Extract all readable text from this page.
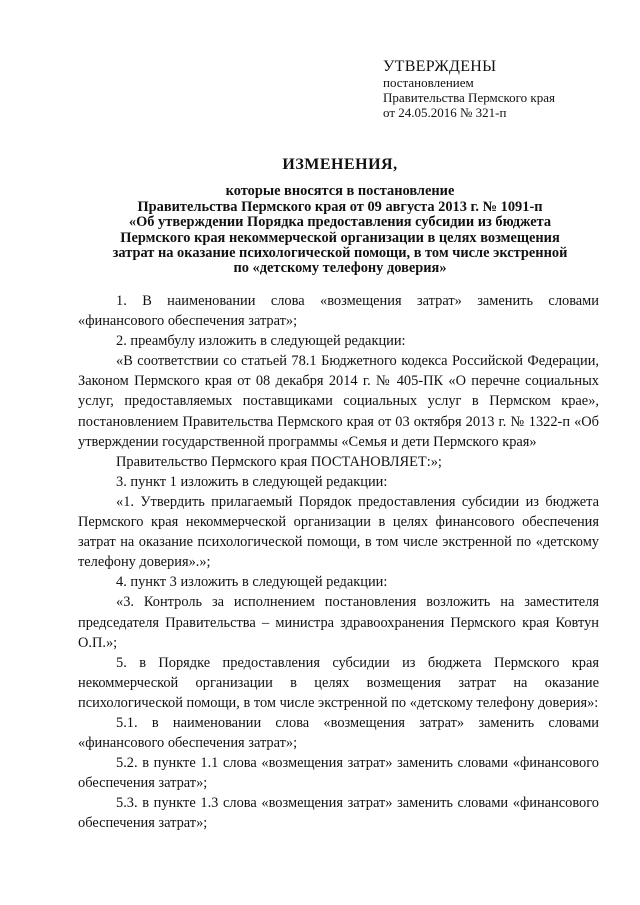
УТВЕРЖДЕНЫ
постановлением
Правительства Пермского края
от 24.05.2016 № 321-п
ИЗМЕНЕНИЯ,
которые вносятся в постановление
Правительства Пермского края от 09 августа 2013 г. № 1091-п
«Об утверждении Порядка предоставления субсидии из бюджета
Пермского края некоммерческой организации в целях возмещения
затрат на оказание психологической помощи, в том числе экстренной
по «детскому телефону доверия»

1. В наименовании слова «возмещения затрат» заменить словами «финансового обеспечения затрат»;

2. преамбулу изложить в следующей редакции:

«В соответствии со статьей 78.1 Бюджетного кодекса Российской Федерации, Законом Пермского края от 08 декабря 2014 г. № 405-ПК «О перечне социальных услуг, предоставляемых поставщиками социальных услуг в Пермском крае», постановлением Правительства Пермского края от 03 октября 2013 г. № 1322-п «Об утверждении государственной программы «Семья и дети Пермского края»

Правительство Пермского края ПОСТАНОВЛЯЕТ:»;

3. пункт 1 изложить в следующей редакции:

«1. Утвердить прилагаемый Порядок предоставления субсидии из бюджета Пермского края некоммерческой организации в целях финансового обеспечения затрат на оказание психологической помощи, в том числе экстренной по «детскому телефону доверия».»;

4. пункт 3 изложить в следующей редакции:

«3. Контроль за исполнением постановления возложить на заместителя председателя Правительства – министра здравоохранения Пермского края Ковтун О.П.»;

5. в Порядке предоставления субсидии из бюджета Пермского края некоммерческой организации в целях возмещения затрат на оказание психологической помощи, в том числе экстренной по «детскому телефону доверия»:

5.1. в наименовании слова «возмещения затрат» заменить словами «финансового обеспечения затрат»;

5.2. в пункте 1.1 слова «возмещения затрат» заменить словами «финансового обеспечения затрат»;

5.3. в пункте 1.3 слова «возмещения затрат» заменить словами «финансового обеспечения затрат»;
